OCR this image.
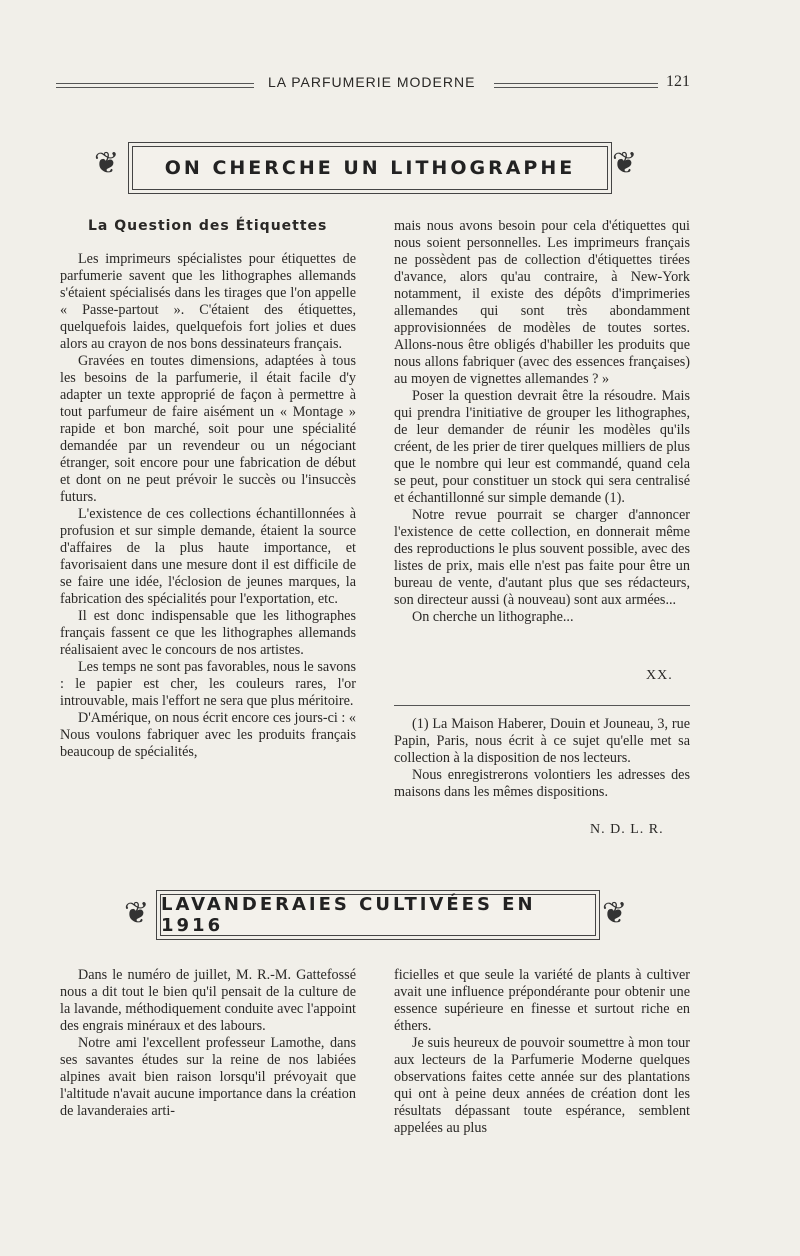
LA PARFUMERIE MODERNE	121
❦	ON CHERCHE UN LITHOGRAPHE	❦
La Question des Étiquettes

Les imprimeurs spécialistes pour étiquettes de parfumerie savent que les lithographes allemands s'étaient spécialisés dans les tirages que l'on appelle « Passe-partout ». C'étaient des étiquettes, quelquefois laides, quelquefois fort jolies et dues alors au crayon de nos bons dessinateurs français.

Gravées en toutes dimensions, adaptées à tous les besoins de la parfumerie, il était facile d'y adapter un texte approprié de façon à permettre à tout parfumeur de faire aisément un « Montage » rapide et bon marché, soit pour une spécialité demandée par un revendeur ou un négociant étranger, soit encore pour une fabrication de début et dont on ne peut prévoir le succès ou l'insuccès futurs.

L'existence de ces collections échantillonnées à profusion et sur simple demande, étaient la source d'affaires de la plus haute importance, et favorisaient dans une mesure dont il est difficile de se faire une idée, l'éclosion de jeunes marques, la fabrication des spécialités pour l'exportation, etc.

Il est donc indispensable que les lithographes français fassent ce que les lithographes allemands réalisaient avec le concours de nos artistes.

Les temps ne sont pas favorables, nous le savons : le papier est cher, les couleurs rares, l'or introuvable, mais l'effort ne sera que plus méritoire.

D'Amérique, on nous écrit encore ces jours-ci : « Nous voulons fabriquer avec les produits français beaucoup de spécialités,

mais nous avons besoin pour cela d'étiquettes qui nous soient personnelles. Les imprimeurs français ne possèdent pas de collection d'étiquettes tirées d'avance, alors qu'au contraire, à New-York notamment, il existe des dépôts d'imprimeries allemandes qui sont très abondamment approvisionnées de modèles de toutes sortes. Allons-nous être obligés d'habiller les produits que nous allons fabriquer (avec des essences françaises) au moyen de vignettes allemandes ? »

Poser la question devrait être la résoudre. Mais qui prendra l'initiative de grouper les lithographes, de leur demander de réunir les modèles qu'ils créent, de les prier de tirer quelques milliers de plus que le nombre qui leur est commandé, quand cela se peut, pour constituer un stock qui sera centralisé et échantillonné sur simple demande (1).

Notre revue pourrait se charger d'annoncer l'existence de cette collection, en donnerait même des reproductions le plus souvent possible, avec des listes de prix, mais elle n'est pas faite pour être un bureau de vente, d'autant plus que ses rédacteurs, son directeur aussi (à nouveau) sont aux armées...

On cherche un lithographe...

XX.

(1) La Maison Haberer, Douin et Jouneau, 3, rue Papin, Paris, nous écrit à ce sujet qu'elle met sa collection à la disposition de nos lecteurs.

Nous enregistrerons volontiers les adresses des maisons dans les mêmes dispositions.

N. D. L. R.
❦ LAVANDERAIES CULTIVÉES EN 1916	❦

Dans le numéro de juillet, M. R.-M. Gattefossé nous a dit tout le bien qu'il pensait de la culture de la lavande, méthodiquement conduite avec l'appoint des engrais minéraux et des labours.

Notre ami l'excellent professeur Lamothe, dans ses savantes études sur la reine de nos labiées alpines avait bien raison lorsqu'il prévoyait que l'altitude n'avait aucune importance dans la création de lavanderaies arti-

ficielles et que seule la variété de plants à cultiver avait une influence prépondérante pour obtenir une essence supérieure en finesse et surtout riche en éthers.

Je suis heureux de pouvoir soumettre à mon tour aux lecteurs de la Parfumerie Moderne quelques observations faites cette année sur des plantations qui ont à peine deux années de création dont les résultats dépassant toute espérance, semblent appelées au plus
